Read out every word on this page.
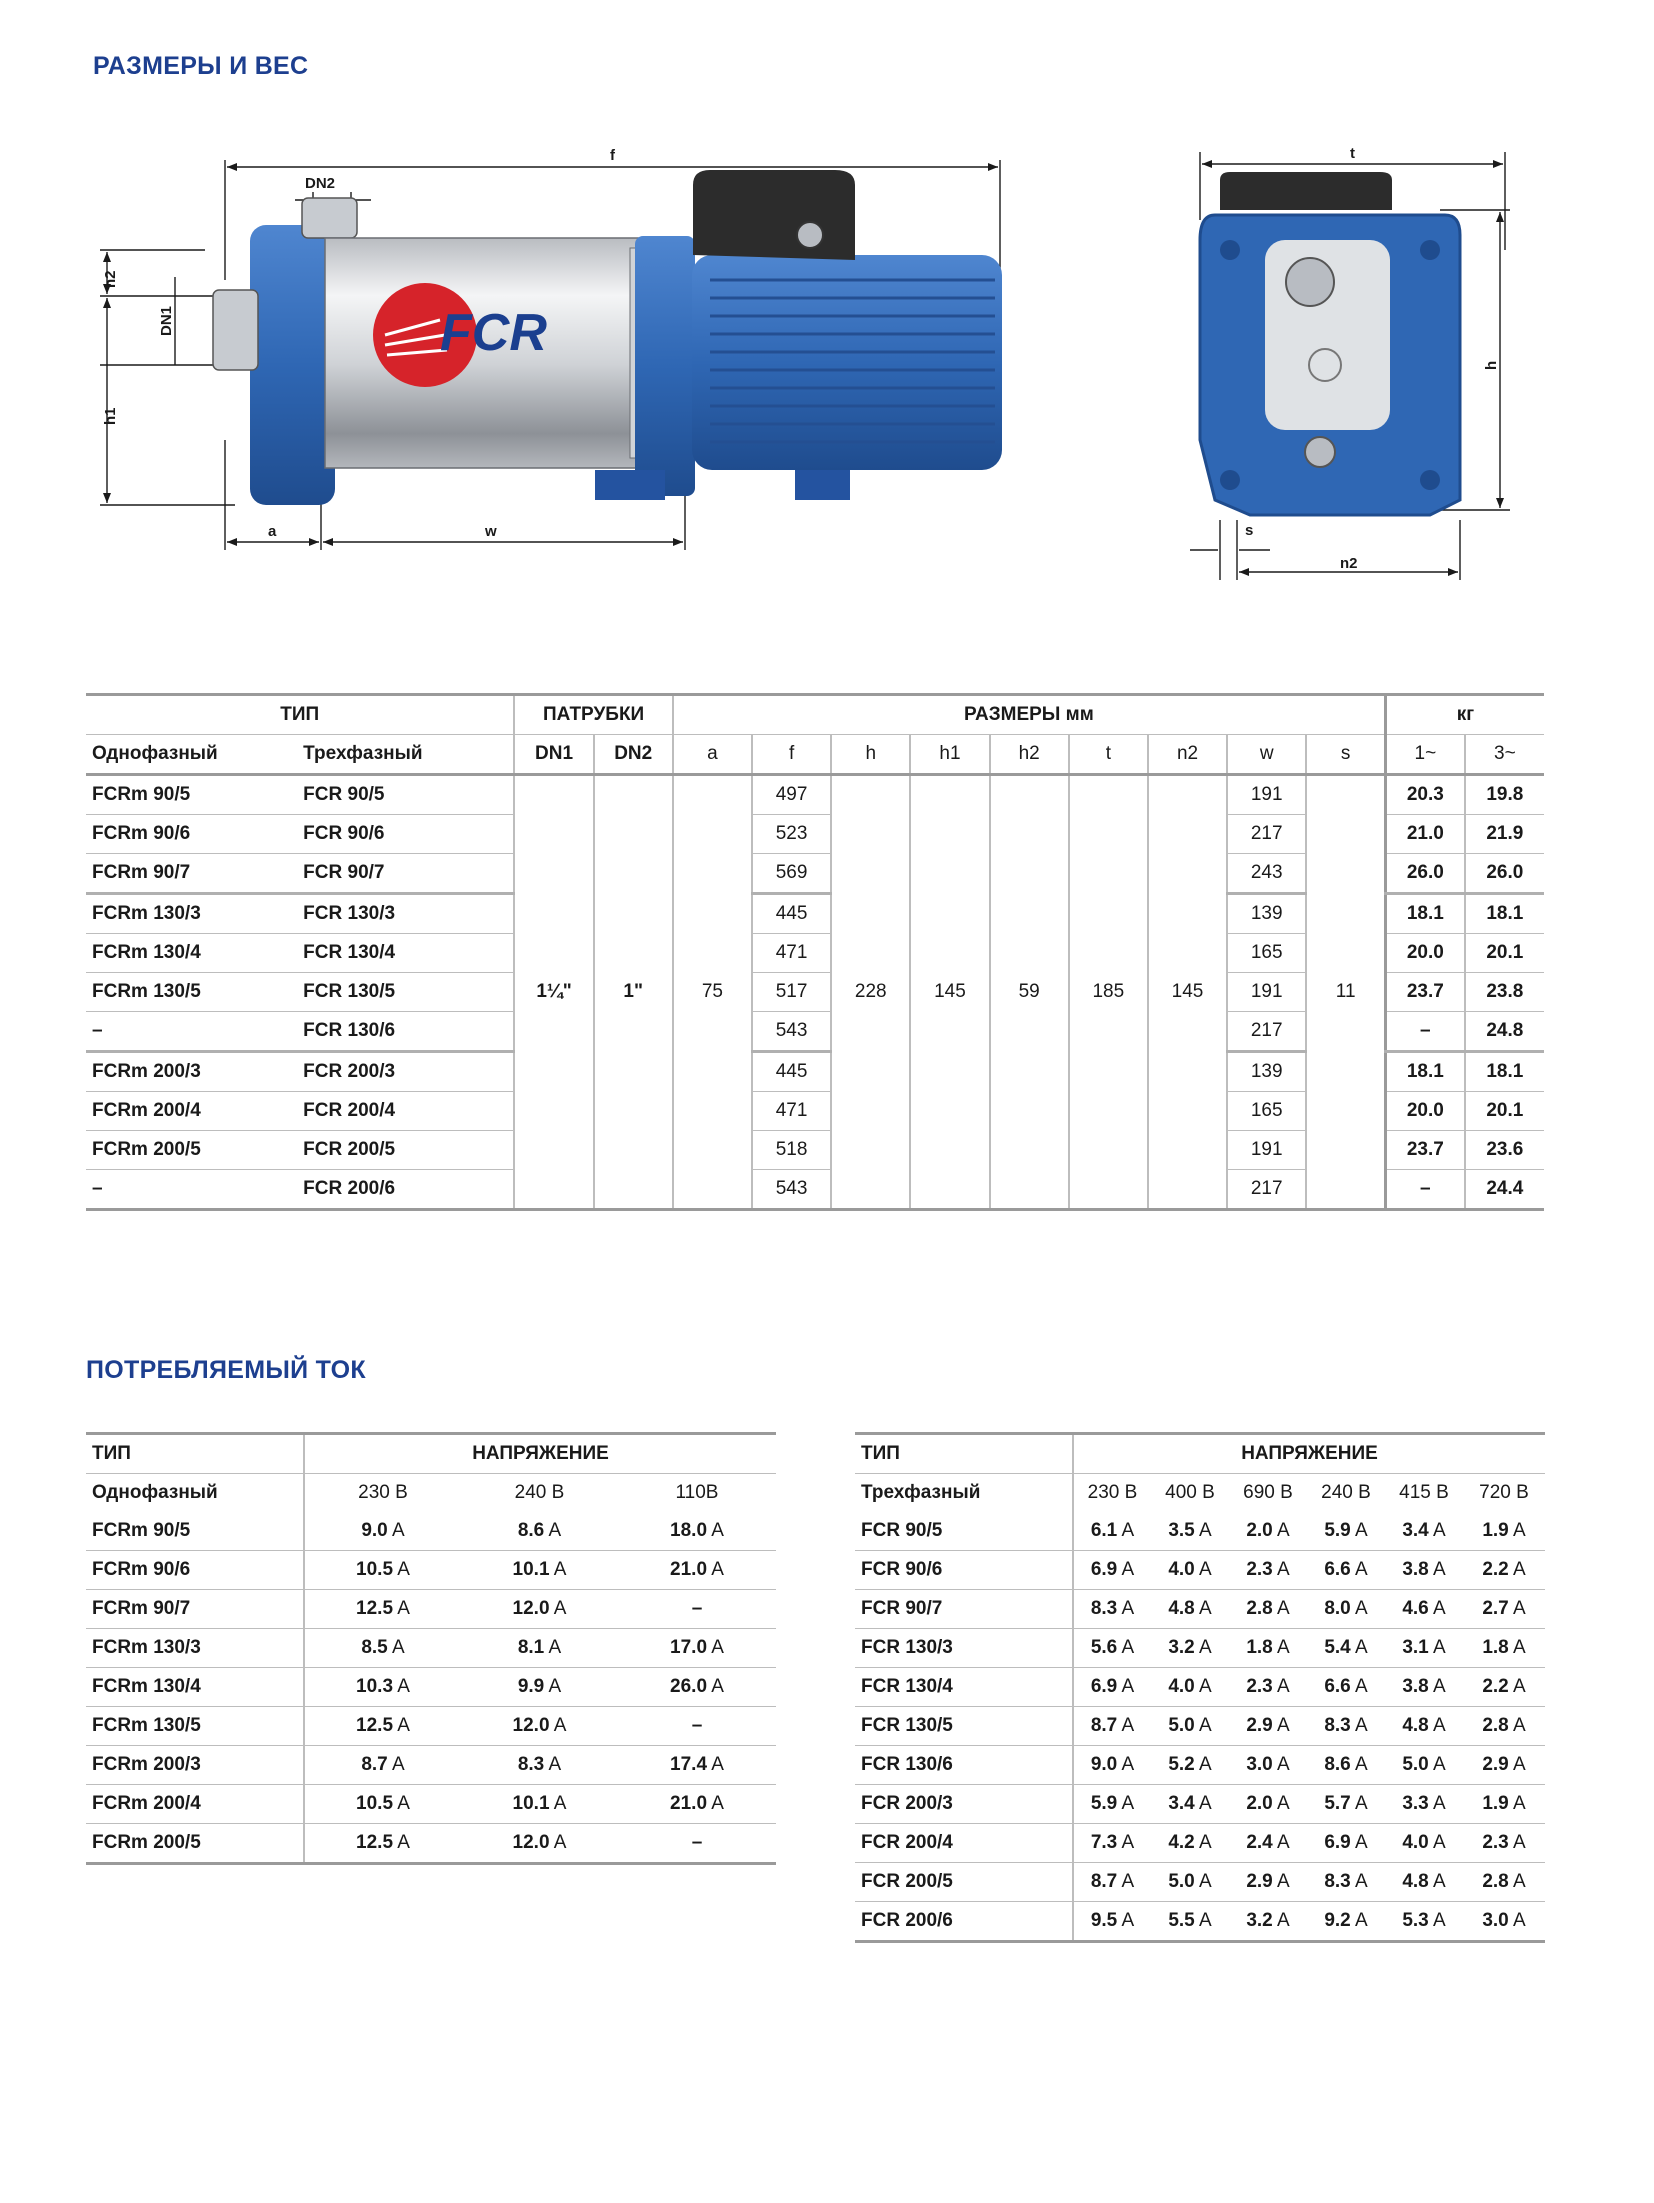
РАЗМЕРЫ И ВЕС
f
DN2
h2
DN1
h1
a	w
FCR
t
h
s
n2
ТИП		ПАТРУБКИ		РАЗМЕРЫ мм									кг	
Однофазный	Трехфазный	DN1	DN2	a	f	h	h1	h2	t	n2	w	s	1~	3~
FCRm 90/5	FCR 90/5	1¼"	1"	75	497	228	145	59	185	145	191	11	20.3	19.8
FCRm 90/6	FCR 90/6				523						217		21.0	21.9
FCRm 90/7	FCR 90/7				569						243		26.0	26.0
FCRm 130/3	FCR 130/3				445						139		18.1	18.1
FCRm 130/4	FCR 130/4				471						165		20.0	20.1
FCRm 130/5	FCR 130/5				517						191		23.7	23.8
–	FCR 130/6				543						217		–	24.8
FCRm 200/3	FCR 200/3				445						139		18.1	18.1
FCRm 200/4	FCR 200/4				471						165		20.0	20.1
FCRm 200/5	FCR 200/5				518						191		23.7	23.6
–	FCR 200/6				543						217		–	24.4
ПОТРЕБЛЯЕМЫЙ ТОК
ТИП	НАПРЯЖЕНИЕ		
Однофазный	230 В	240 В	110В
FCRm 90/5	9.0 A	8.6 A	18.0 A
FCRm 90/6	10.5 A	10.1 A	21.0 A
FCRm 90/7	12.5 A	12.0 A	–
FCRm 130/3	8.5 A	8.1 A	17.0 A
FCRm 130/4	10.3 A	9.9 A	26.0 A
FCRm 130/5	12.5 A	12.0 A	–
FCRm 200/3	8.7 A	8.3 A	17.4 A
FCRm 200/4	10.5 A	10.1 A	21.0 A
FCRm 200/5	12.5 A	12.0 A	–
ТИП	НАПРЯЖЕНИЕ					
Трехфазный	230 В	400 В	690 В	240 В	415 В	720 В
FCR 90/5	6.1 A	3.5 A	2.0 A	5.9 A	3.4 A	1.9 A
FCR 90/6	6.9 A	4.0 A	2.3 A	6.6 A	3.8 A	2.2 A
FCR 90/7	8.3 A	4.8 A	2.8 A	8.0 A	4.6 A	2.7 A
FCR 130/3	5.6 A	3.2 A	1.8 A	5.4 A	3.1 A	1.8 A
FCR 130/4	6.9 A	4.0 A	2.3 A	6.6 A	3.8 A	2.2 A
FCR 130/5	8.7 A	5.0 A	2.9 A	8.3 A	4.8 A	2.8 A
FCR 130/6	9.0 A	5.2 A	3.0 A	8.6 A	5.0 A	2.9 A
FCR 200/3	5.9 A	3.4 A	2.0 A	5.7 A	3.3 A	1.9 A
FCR 200/4	7.3 A	4.2 A	2.4 A	6.9 A	4.0 A	2.3 A
FCR 200/5	8.7 A	5.0 A	2.9 A	8.3 A	4.8 A	2.8 A
FCR 200/6	9.5 A	5.5 A	3.2 A	9.2 A	5.3 A	3.0 A
